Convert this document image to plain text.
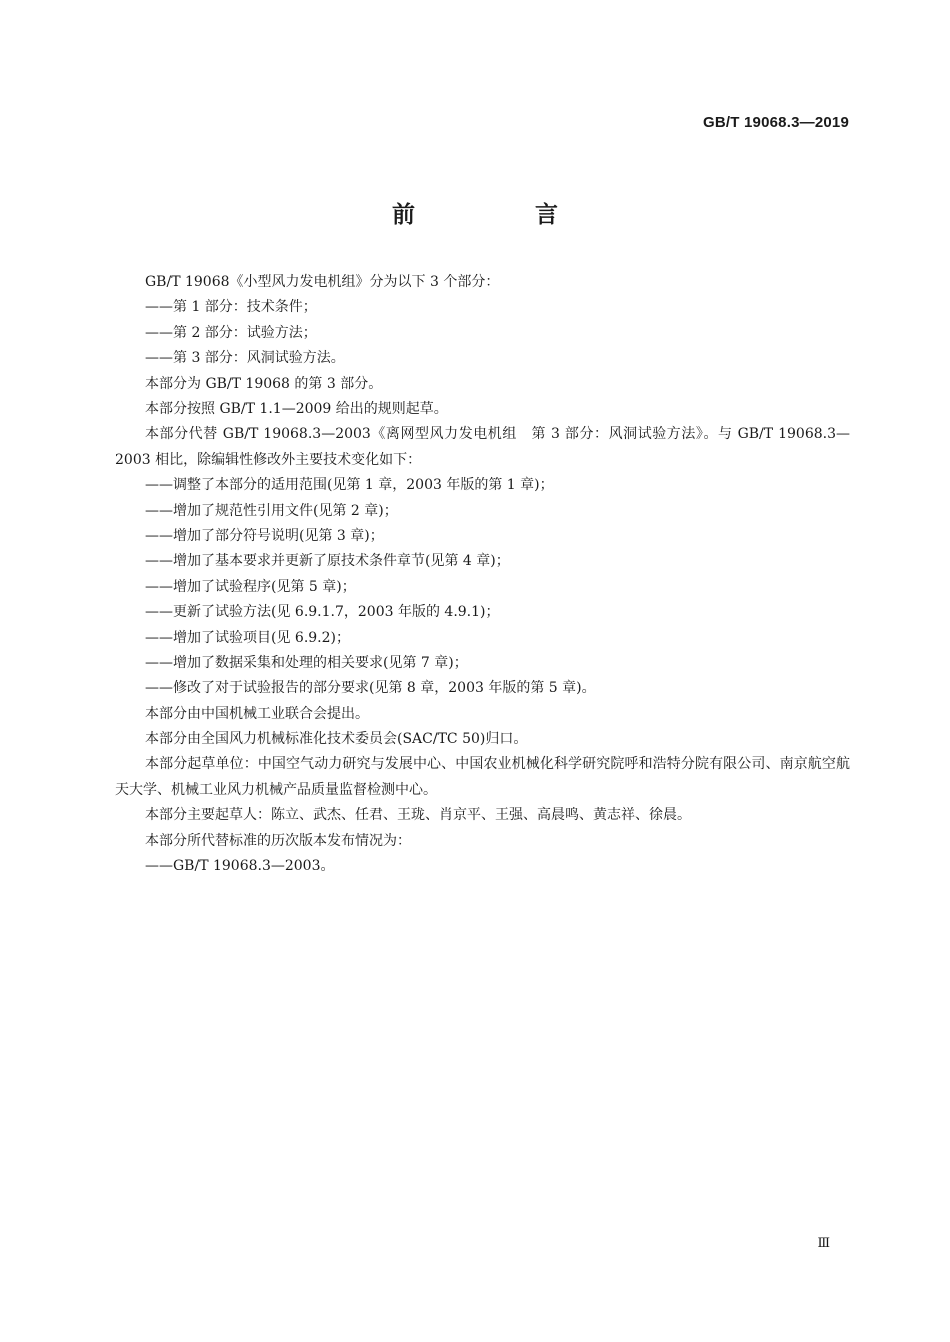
GB/T 19068.3—2019
前 言
GB/T 19068《小型风力发电机组》分为以下 3 个部分：
——第 1 部分：技术条件；
——第 2 部分：试验方法；
——第 3 部分：风洞试验方法。
本部分为 GB/T 19068 的第 3 部分。
本部分按照 GB/T 1.1—2009 给出的规则起草。
本部分代替 GB/T 19068.3—2003《离网型风力发电机组　第 3 部分：风洞试验方法》。与 GB/T 19068.3—2003 相比，除编辑性修改外主要技术变化如下：
——调整了本部分的适用范围(见第 1 章，2003 年版的第 1 章)；
——增加了规范性引用文件(见第 2 章)；
——增加了部分符号说明(见第 3 章)；
——增加了基本要求并更新了原技术条件章节(见第 4 章)；
——增加了试验程序(见第 5 章)；
——更新了试验方法(见 6.9.1.7，2003 年版的 4.9.1)；
——增加了试验项目(见 6.9.2)；
——增加了数据采集和处理的相关要求(见第 7 章)；
——修改了对于试验报告的部分要求(见第 8 章，2003 年版的第 5 章)。
本部分由中国机械工业联合会提出。
本部分由全国风力机械标准化技术委员会(SAC/TC 50)归口。
本部分起草单位：中国空气动力研究与发展中心、中国农业机械化科学研究院呼和浩特分院有限公司、南京航空航天大学、机械工业风力机械产品质量监督检测中心。
本部分主要起草人：陈立、武杰、任君、王珑、肖京平、王强、高晨鸣、黄志祥、徐晨。
本部分所代替标准的历次版本发布情况为：
——GB/T 19068.3—2003。
Ⅲ
